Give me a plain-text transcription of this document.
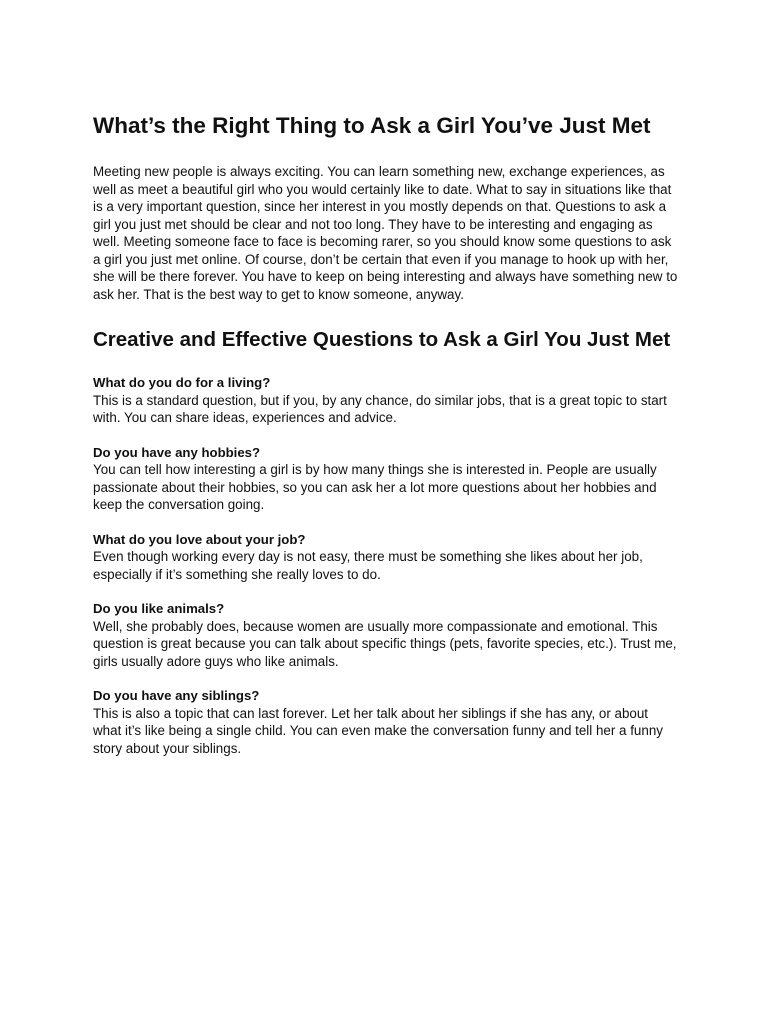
What’s the Right Thing to Ask a Girl You’ve Just Met

Meeting new people is always exciting. You can learn something new, exchange experiences, as well as meet a beautiful girl who you would certainly like to date. What to say in situations like that is a very important question, since her interest in you mostly depends on that. Questions to ask a girl you just met should be clear and not too long. They have to be interesting and engaging as well. Meeting someone face to face is becoming rarer, so you should know some questions to ask a girl you just met online. Of course, don’t be certain that even if you manage to hook up with her, she will be there forever. You have to keep on being interesting and always have something new to ask her. That is the best way to get to know someone, anyway.

Creative and Effective Questions to Ask a Girl You Just Met

What do you do for a living?

This is a standard question, but if you, by any chance, do similar jobs, that is a great topic to start with. You can share ideas, experiences and advice.

Do you have any hobbies?

You can tell how interesting a girl is by how many things she is interested in. People are usually passionate about their hobbies, so you can ask her a lot more questions about her hobbies and keep the conversation going.

What do you love about your job?

Even though working every day is not easy, there must be something she likes about her job, especially if it’s something she really loves to do.

Do you like animals?

Well, she probably does, because women are usually more compassionate and emotional. This question is great because you can talk about specific things (pets, favorite species, etc.). Trust me, girls usually adore guys who like animals.

Do you have any siblings?

This is also a topic that can last forever. Let her talk about her siblings if she has any, or about what it’s like being a single child. You can even make the conversation funny and tell her a funny story about your siblings.
